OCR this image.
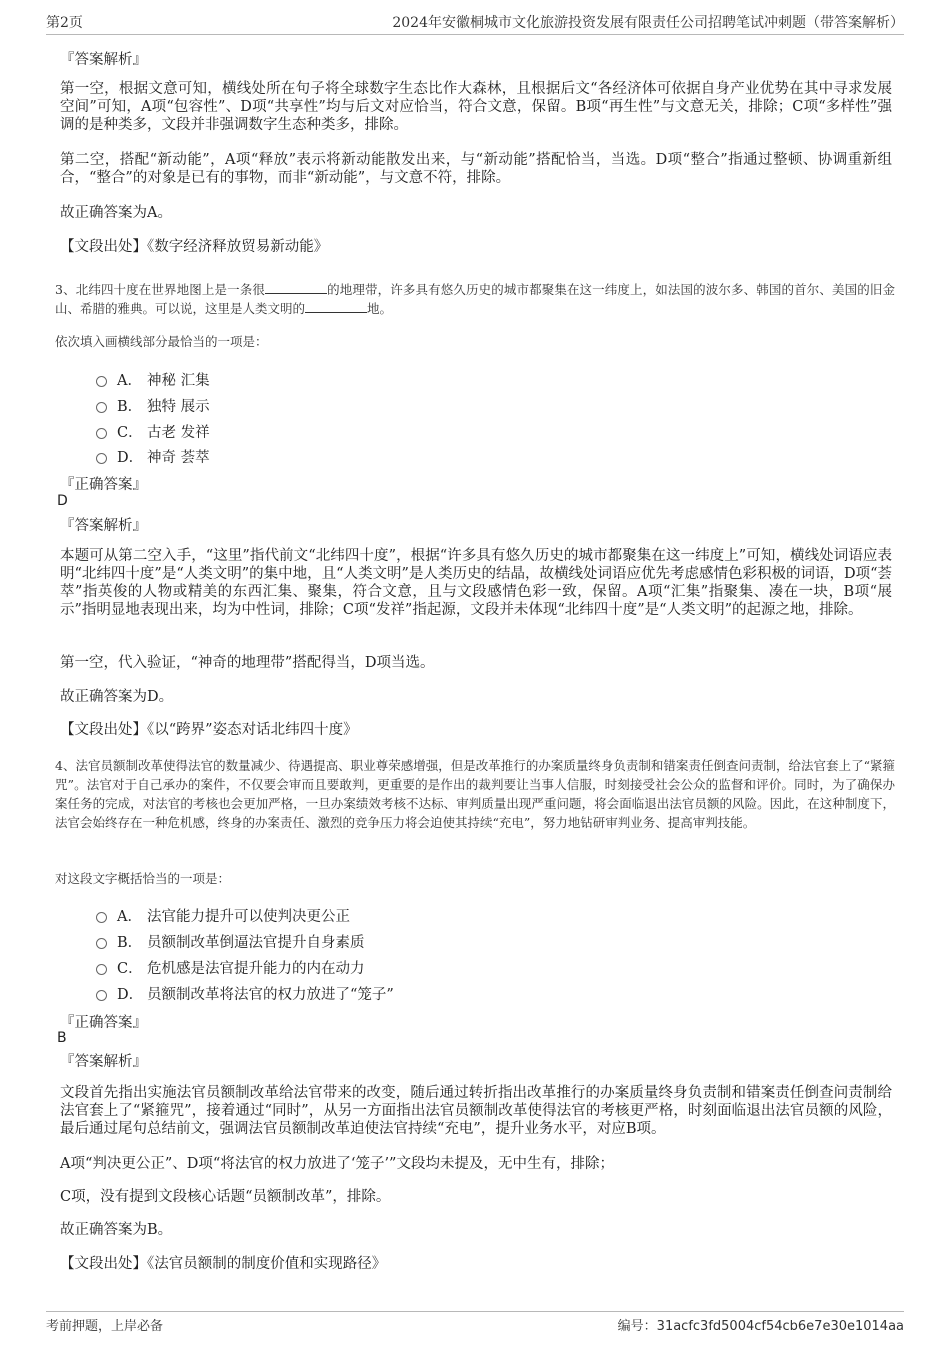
第2页	2024年安徽桐城市文化旅游投资发展有限责任公司招聘笔试冲刺题（带答案解析）
『答案解析』
第一空，根据文意可知，横线处所在句子将全球数字生态比作大森林，且根据后文“各经济体可依据自身产业优势在其中寻求发展空间”可知，A项“包容性”、D项“共享性”均与后文对应恰当，符合文意，保留。B项“再生性”与文意无关，排除；C项“多样性”强调的是种类多，文段并非强调数字生态种类多，排除。
第二空，搭配“新动能”，A项“释放”表示将新动能散发出来，与“新动能”搭配恰当，当选。D项“整合”指通过整顿、协调重新组合，“整合”的对象是已有的事物，而非“新动能”，与文意不符，排除。
故正确答案为A。
【文段出处】《数字经济释放贸易新动能》
3、北纬四十度在世界地图上是一条很	的地理带，许多具有悠久历史的城市都聚集在这一纬度上，如法国的波尔多、韩国的首尔、美国的旧金山、希腊的雅典。可以说，这里是人类文明的	地。
依次填入画横线部分最恰当的一项是：
A． 神秘 汇集
B． 独特 展示
C． 古老 发祥
D． 神奇 荟萃
『正确答案』
D
『答案解析』
本题可从第二空入手，“这里”指代前文“北纬四十度”，根据“许多具有悠久历史的城市都聚集在这一纬度上”可知，横线处词语应表明“北纬四十度”是“人类文明”的集中地，且“人类文明”是人类历史的结晶，故横线处词语应优先考虑感情色彩积极的词语，D项“荟萃”指英俊的人物或精美的东西汇集、聚集，符合文意，且与文段感情色彩一致，保留。A项“汇集”指聚集、凑在一块，B项“展示”指明显地表现出来，均为中性词，排除；C项“发祥”指起源，文段并未体现“北纬四十度”是“人类文明”的起源之地，排除。
第一空，代入验证，“神奇的地理带”搭配得当，D项当选。
故正确答案为D。
【文段出处】《以“跨界”姿态对话北纬四十度》
4、法官员额制改革使得法官的数量减少、待遇提高、职业尊荣感增强，但是改革推行的办案质量终身负责制和错案责任倒查问责制，给法官套上了“紧箍咒”。法官对于自己承办的案件，不仅要会审而且要敢判，更重要的是作出的裁判要让当事人信服，时刻接受社会公众的监督和评价。同时，为了确保办案任务的完成，对法官的考核也会更加严格，一旦办案绩效考核不达标、审判质量出现严重问题，将会面临退出法官员额的风险。因此，在这种制度下，法官会始终存在一种危机感，终身的办案责任、激烈的竞争压力将会迫使其持续“充电”，努力地钻研审判业务、提高审判技能。
对这段文字概括恰当的一项是：
A． 法官能力提升可以使判决更公正
B． 员额制改革倒逼法官提升自身素质
C． 危机感是法官提升能力的内在动力
D． 员额制改革将法官的权力放进了“笼子”
『正确答案』
B
『答案解析』
文段首先指出实施法官员额制改革给法官带来的改变，随后通过转折指出改革推行的办案质量终身负责制和错案责任倒查问责制给法官套上了“紧箍咒”，接着通过“同时”，从另一方面指出法官员额制改革使得法官的考核更严格，时刻面临退出法官员额的风险，最后通过尾句总结前文，强调法官员额制改革迫使法官持续“充电”，提升业务水平，对应B项。
A项“判决更公正”、D项“将法官的权力放进了‘笼子’”文段均未提及，无中生有，排除；
C项，没有提到文段核心话题“员额制改革”，排除。
故正确答案为B。
【文段出处】《法官员额制的制度价值和实现路径》
考前押题，上岸必备	编号：31acfc3fd5004cf54cb6e7e30e1014aa
